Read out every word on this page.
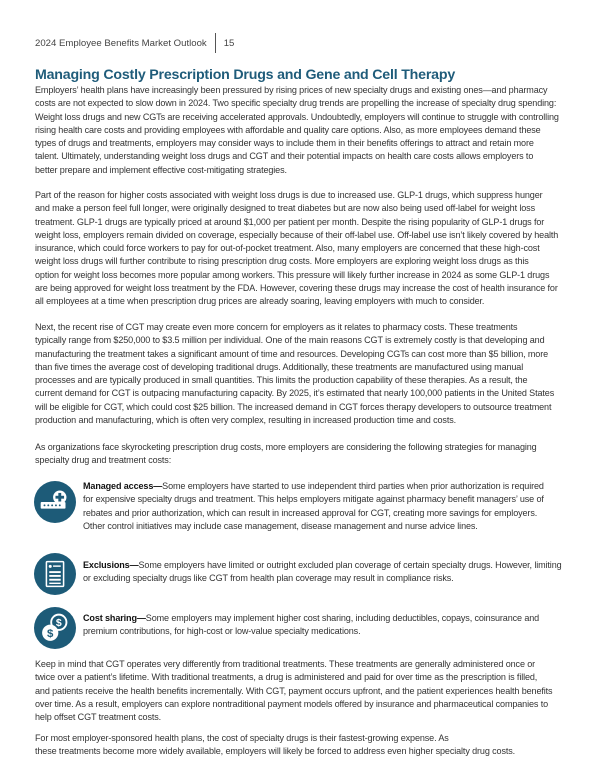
2024 Employee Benefits Market Outlook 15
Managing Costly Prescription Drugs and Gene and Cell Therapy
Employers’ health plans have increasingly been pressured by rising prices of new specialty drugs and existing ones—and pharmacy
costs are not expected to slow down in 2024. Two specific specialty drug trends are propelling the increase of specialty drug spending:
Weight loss drugs and new CGTs are receiving accelerated approvals. Undoubtedly, employers will continue to struggle with controlling
rising health care costs and providing employees with affordable and quality care options. Also, as more employees demand these
types of drugs and treatments, employers may consider ways to include them in their benefits offerings to attract and retain more
talent. Ultimately, understanding weight loss drugs and CGT and their potential impacts on health care costs allows employers to
better prepare and implement effective cost-mitigating strategies.
Part of the reason for higher costs associated with weight loss drugs is due to increased use. GLP-1 drugs, which suppress hunger
and make a person feel full longer, were originally designed to treat diabetes but are now also being used off-label for weight loss
treatment. GLP-1 drugs are typically priced at around $1,000 per patient per month. Despite the rising popularity of GLP-1 drugs for
weight loss, employers remain divided on coverage, especially because of their off-label use. Off-label use isn’t likely covered by health
insurance, which could force workers to pay for out-of-pocket treatment. Also, many employers are concerned that these high-cost
weight loss drugs will further contribute to rising prescription drug costs. More employers are exploring weight loss drugs as this
option for weight loss becomes more popular among workers. This pressure will likely further increase in 2024 as some GLP-1 drugs
are being approved for weight loss treatment by the FDA. However, covering these drugs may increase the cost of health insurance for
all employees at a time when prescription drug prices are already soaring, leaving employers with much to consider.
Next, the recent rise of CGT may create even more concern for employers as it relates to pharmacy costs. These treatments
typically range from $250,000 to $3.5 million per individual. One of the main reasons CGT is extremely costly is that developing and
manufacturing the treatment takes a significant amount of time and resources. Developing CGTs can cost more than $5 billion, more
than five times the average cost of developing traditional drugs. Additionally, these treatments are manufactured using manual
processes and are typically produced in small quantities. This limits the production capability of these therapies. As a result, the
current demand for CGT is outpacing manufacturing capacity. By 2025, it’s estimated that nearly 100,000 patients in the United States
will be eligible for CGT, which could cost $25 billion. The increased demand in CGT forces therapy developers to outsource treatment
production and manufacturing, which is often very complex, resulting in increased production time and costs.
As organizations face skyrocketing prescription drug costs, more employers are considering the following strategies for managing
specialty drug and treatment costs:
Managed access—Some employers have started to use independent third parties when prior authorization is required
for expensive specialty drugs and treatment. This helps employers mitigate against pharmacy benefit managers’ use of
rebates and prior authorization, which can result in increased approval for CGT, creating more savings for employers.
Other control initiatives may include case management, disease management and nurse advice lines.
Exclusions—Some employers have limited or outright excluded plan coverage of certain specialty drugs. However, limiting
or excluding specialty drugs like CGT from health plan coverage may result in compliance risks.
$
$
Cost sharing—Some employers may implement higher cost sharing, including deductibles, copays, coinsurance and
premium contributions, for high-cost or low-value specialty medications.
Keep in mind that CGT operates very differently from traditional treatments. These treatments are generally administered once or
twice over a patient’s lifetime. With traditional treatments, a drug is administered and paid for over time as the prescription is filled,
and patients receive the health benefits incrementally. With CGT, payment occurs upfront, and the patient experiences health benefits
over time. As a result, employers can explore nontraditional payment models offered by insurance and pharmaceutical companies to
help offset CGT treatment costs.
For most employer-sponsored health plans, the cost of specialty drugs is their fastest-growing expense. As
these treatments become more widely available, employers will likely be forced to address even higher specialty drug costs.
